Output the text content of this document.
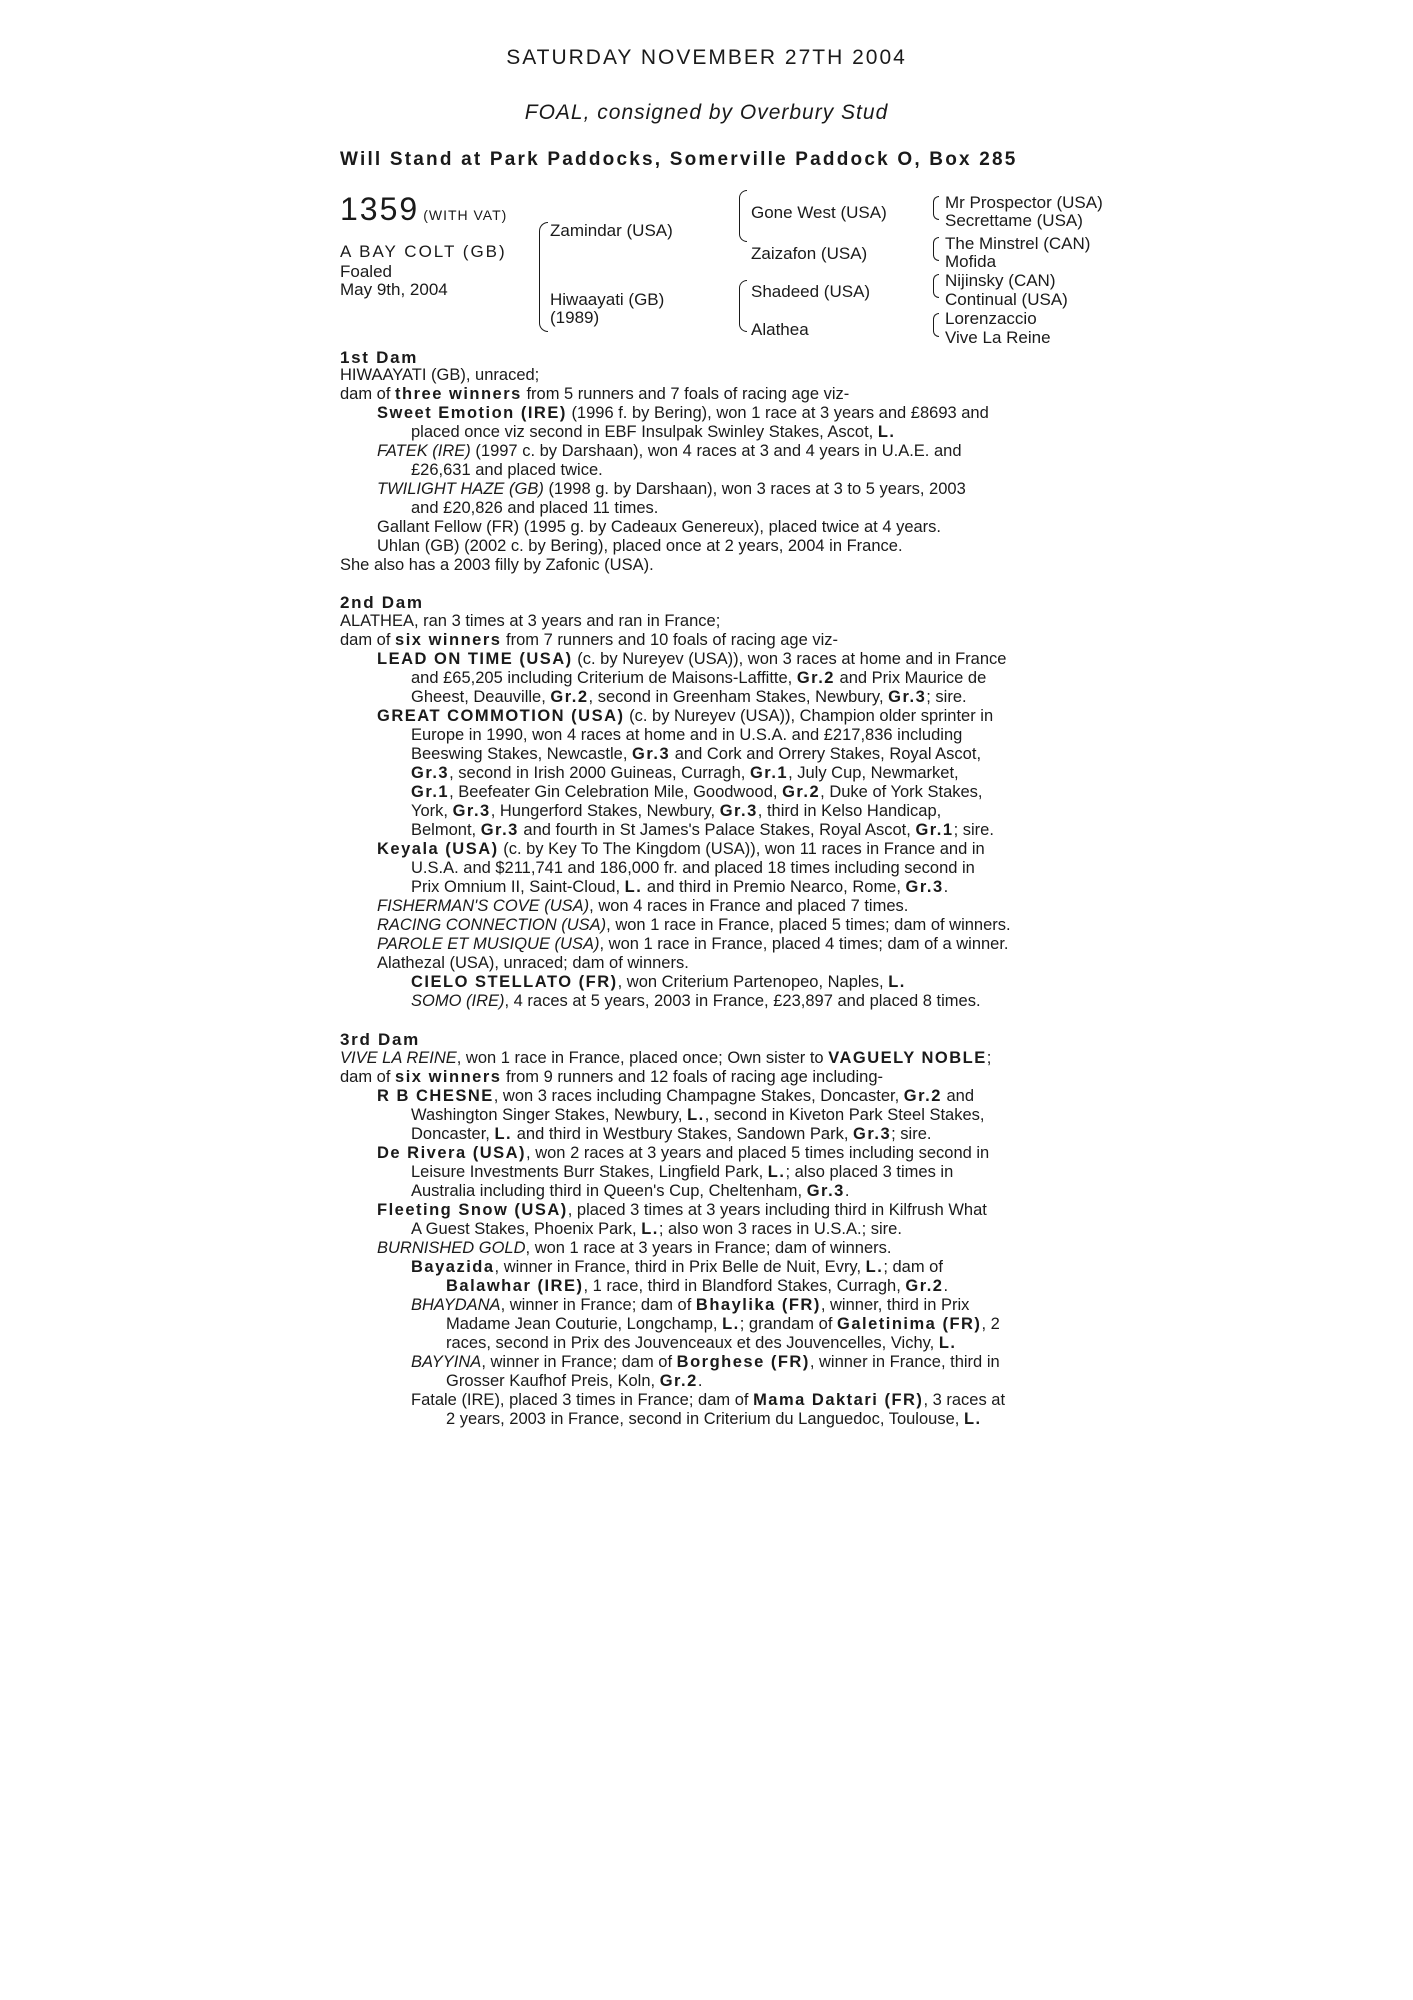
SATURDAY NOVEMBER 27TH 2004
FOAL, consigned by Overbury Stud
Will Stand at Park Paddocks, Somerville Paddock O, Box 285
1359 (WITH VAT)
A BAY COLT (GB)
Foaled
May 9th, 2004
Zamindar (USA)
Hiwaayati (GB)
(1989)
Gone West (USA)
Zaizafon (USA)
Shadeed (USA)
Alathea
Mr Prospector (USA)
Secrettame (USA)
The Minstrel (CAN)
Mofida
Nijinsky (CAN)
Continual (USA)
Lorenzaccio
Vive La Reine
1st Dam
HIWAAYATI (GB), unraced;
dam of three winners from 5 runners and 7 foals of racing age viz-
Sweet Emotion (IRE) (1996 f. by Bering), won 1 race at 3 years and £8693 and
placed once viz second in EBF Insulpak Swinley Stakes, Ascot, L.
FATEK (IRE) (1997 c. by Darshaan), won 4 races at 3 and 4 years in U.A.E. and
£26,631 and placed twice.
TWILIGHT HAZE (GB) (1998 g. by Darshaan), won 3 races at 3 to 5 years, 2003
and £20,826 and placed 11 times.
Gallant Fellow (FR) (1995 g. by Cadeaux Genereux), placed twice at 4 years.
Uhlan (GB) (2002 c. by Bering), placed once at 2 years, 2004 in France.
She also has a 2003 filly by Zafonic (USA).
2nd Dam
ALATHEA, ran 3 times at 3 years and ran in France;
dam of six winners from 7 runners and 10 foals of racing age viz-
LEAD ON TIME (USA) (c. by Nureyev (USA)), won 3 races at home and in France
and £65,205 including Criterium de Maisons-Laffitte, Gr.2 and Prix Maurice de
Gheest, Deauville, Gr.2, second in Greenham Stakes, Newbury, Gr.3; sire.
GREAT COMMOTION (USA) (c. by Nureyev (USA)), Champion older sprinter in
Europe in 1990, won 4 races at home and in U.S.A. and £217,836 including
Beeswing Stakes, Newcastle, Gr.3 and Cork and Orrery Stakes, Royal Ascot,
Gr.3, second in Irish 2000 Guineas, Curragh, Gr.1, July Cup, Newmarket,
Gr.1, Beefeater Gin Celebration Mile, Goodwood, Gr.2, Duke of York Stakes,
York, Gr.3, Hungerford Stakes, Newbury, Gr.3, third in Kelso Handicap,
Belmont, Gr.3 and fourth in St James's Palace Stakes, Royal Ascot, Gr.1; sire.
Keyala (USA) (c. by Key To The Kingdom (USA)), won 11 races in France and in
U.S.A. and $211,741 and 186,000 fr. and placed 18 times including second in
Prix Omnium II, Saint-Cloud, L. and third in Premio Nearco, Rome, Gr.3.
FISHERMAN'S COVE (USA), won 4 races in France and placed 7 times.
RACING CONNECTION (USA), won 1 race in France, placed 5 times; dam of winners.
PAROLE ET MUSIQUE (USA), won 1 race in France, placed 4 times; dam of a winner.
Alathezal (USA), unraced; dam of winners.
CIELO STELLATO (FR), won Criterium Partenopeo, Naples, L.
SOMO (IRE), 4 races at 5 years, 2003 in France, £23,897 and placed 8 times.
3rd Dam
VIVE LA REINE, won 1 race in France, placed once; Own sister to VAGUELY NOBLE;
dam of six winners from 9 runners and 12 foals of racing age including-
R B CHESNE, won 3 races including Champagne Stakes, Doncaster, Gr.2 and
Washington Singer Stakes, Newbury, L., second in Kiveton Park Steel Stakes,
Doncaster, L. and third in Westbury Stakes, Sandown Park, Gr.3; sire.
De Rivera (USA), won 2 races at 3 years and placed 5 times including second in
Leisure Investments Burr Stakes, Lingfield Park, L.; also placed 3 times in
Australia including third in Queen's Cup, Cheltenham, Gr.3.
Fleeting Snow (USA), placed 3 times at 3 years including third in Kilfrush What
A Guest Stakes, Phoenix Park, L.; also won 3 races in U.S.A.; sire.
BURNISHED GOLD, won 1 race at 3 years in France; dam of winners.
Bayazida, winner in France, third in Prix Belle de Nuit, Evry, L.; dam of
Balawhar (IRE), 1 race, third in Blandford Stakes, Curragh, Gr.2.
BHAYDANA, winner in France; dam of Bhaylika (FR), winner, third in Prix
Madame Jean Couturie, Longchamp, L.; grandam of Galetinima (FR), 2
races, second in Prix des Jouvenceaux et des Jouvencelles, Vichy, L.
BAYYINA, winner in France; dam of Borghese (FR), winner in France, third in
Grosser Kaufhof Preis, Koln, Gr.2.
Fatale (IRE), placed 3 times in France; dam of Mama Daktari (FR), 3 races at
2 years, 2003 in France, second in Criterium du Languedoc, Toulouse, L.
